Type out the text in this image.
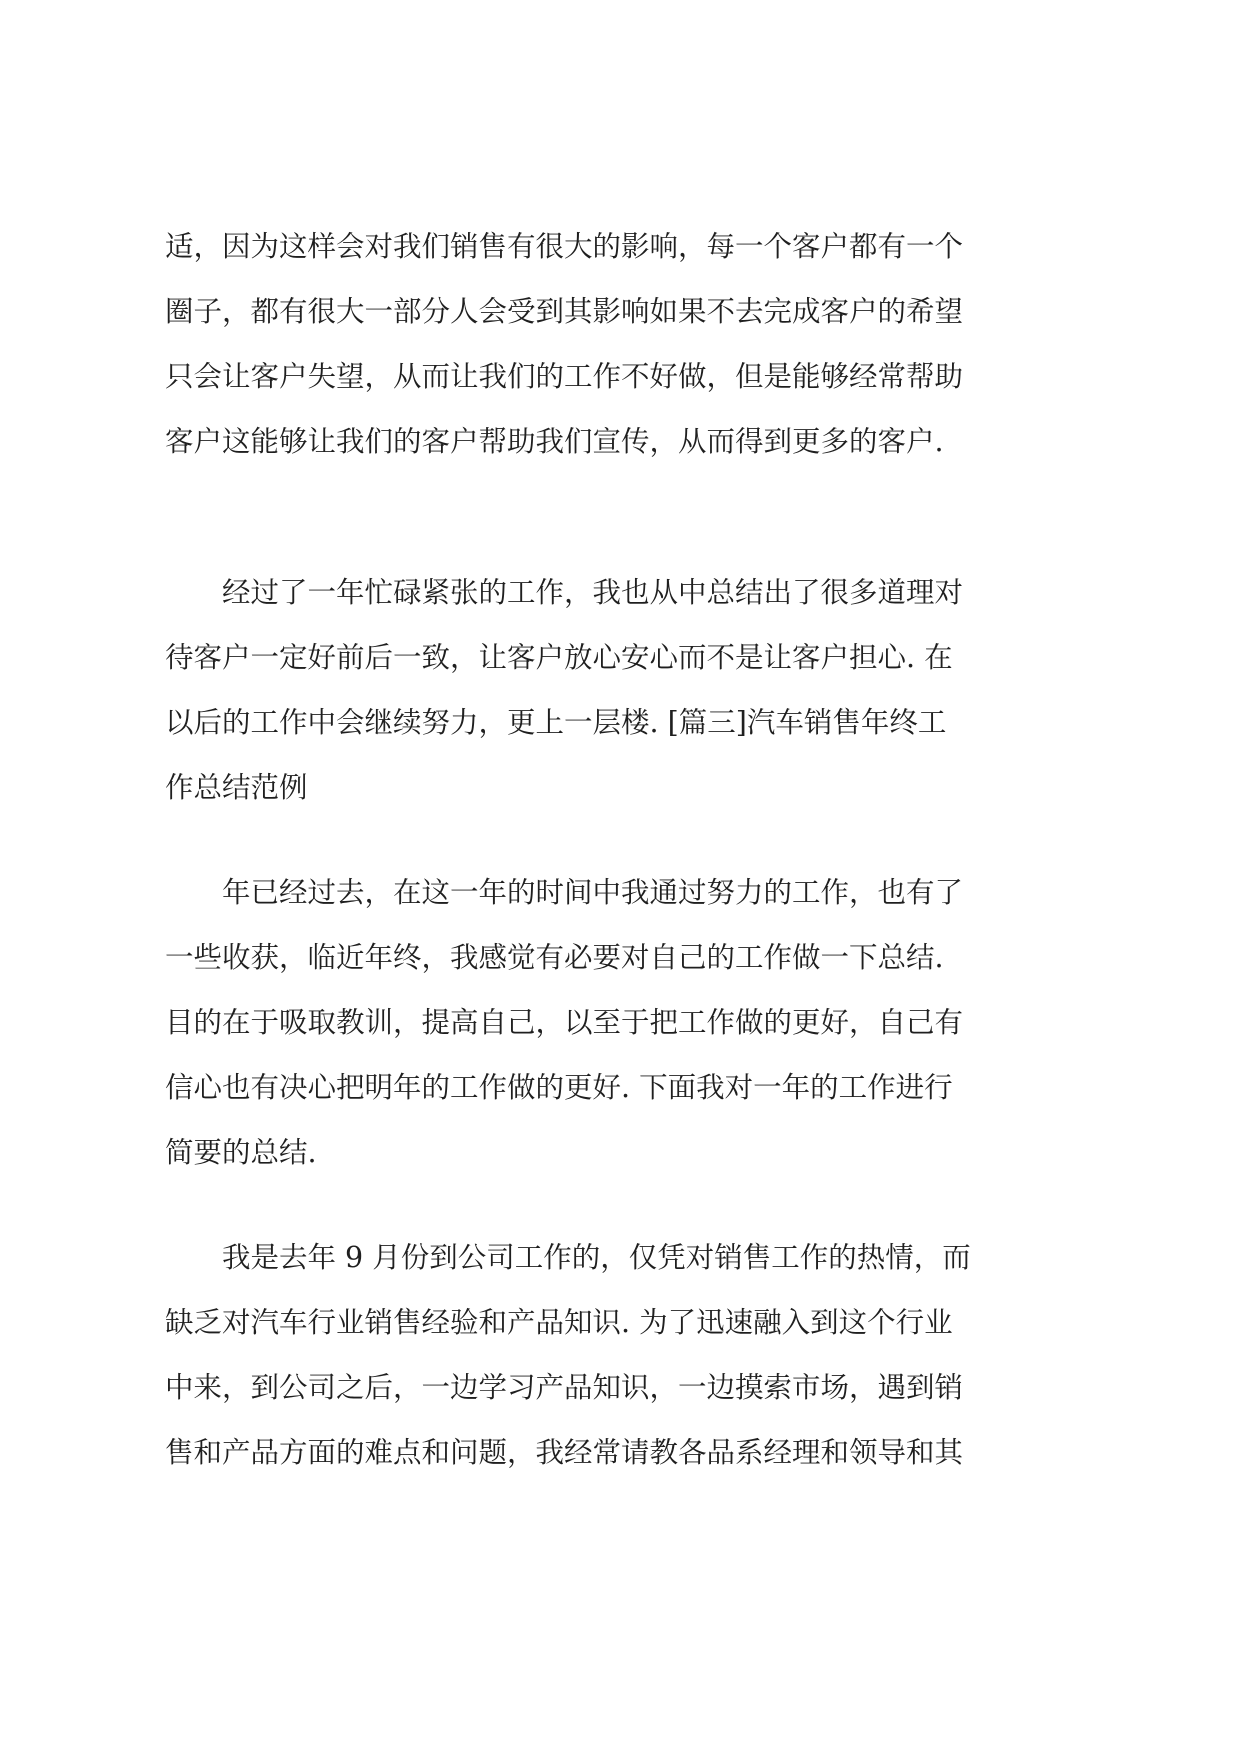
适，因为这样会对我们销售有很大的影响，每一个客户都有一个
圈子，都有很大一部分人会受到其影响如果不去完成客户的希望
只会让客户失望，从而让我们的工作不好做，但是能够经常帮助
客户这能够让我们的客户帮助我们宣传，从而得到更多的客户.
　　经过了一年忙碌紧张的工作，我也从中总结出了很多道理对
待客户一定好前后一致，让客户放心安心而不是让客户担心. 在
以后的工作中会继续努力，更上一层楼. [篇三]汽车销售年终工
作总结范例
　　年已经过去，在这一年的时间中我通过努力的工作，也有了
一些收获，临近年终，我感觉有必要对自己的工作做一下总结.
目的在于吸取教训，提高自己，以至于把工作做的更好，自己有
信心也有决心把明年的工作做的更好. 下面我对一年的工作进行
简要的总结.
　　我是去年 9 月份到公司工作的，仅凭对销售工作的热情，而
缺乏对汽车行业销售经验和产品知识. 为了迅速融入到这个行业
中来，到公司之后，一边学习产品知识，一边摸索市场，遇到销
售和产品方面的难点和问题，我经常请教各品系经理和领导和其
